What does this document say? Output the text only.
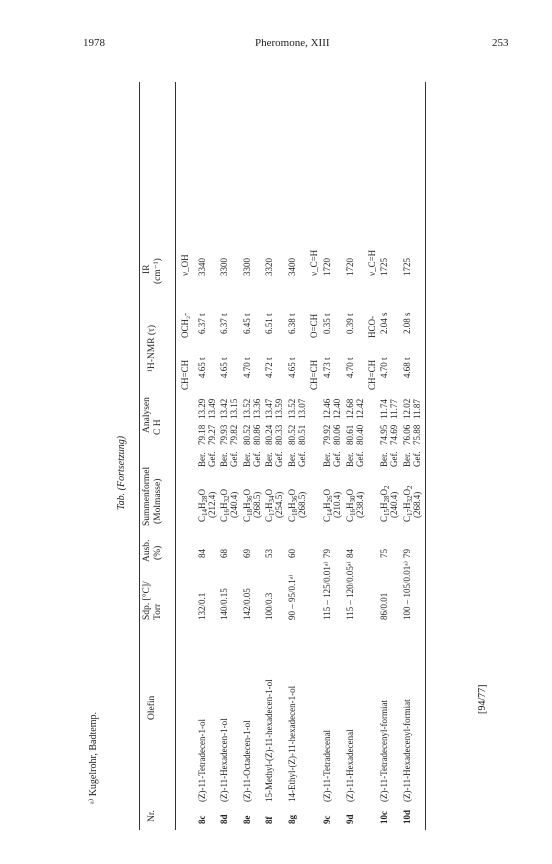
1978	Pheromone, XIII	253
Tab. (Fortsetzung)
Nr.
Olefin
Sdp. [°C]/ Torr
Ausb. (%)
Summenformel (Molmasse)
Analysen C H
¹H-NMR (τ)
IR (cm⁻¹)
CH=CH
OCH₂-
ν_OH
CH=CH
O=CH
ν_C=H
CH=CH
HCO-
ν_C=H
8c
(Z)-11-Tetradecen-1-ol
132/0.1
84
$C_{14}H_{28}O$ (212.4)
Ber. Gef.
79.18
13.29
79.27
13.49
4.65 t
6.37 t
3340
8d
(Z)-11-Hexadecen-1-ol
140/0.15
68
$C_{16}H_{32}O$ (240.4)
Ber. Gef.
79.93
13.42
79.82
13.15
4.65 t
6.37 t
3300
8e
(Z)-11-Octadecen-1-ol
142/0.05
69
$C_{18}H_{36}O$ (268.5)
Ber. Gef.
80.52
13.52
80.86
13.36
4.70 t
6.45 t
3300
8f
15-Methyl-(Z)-11-hexadecen-1-ol
100/0.3
53
$C_{17}H_{34}O$ (254.5)
Ber. Gef.
80.24
13.47
80.33
13.59
4.72 t
6.51 t
3320
8g
14-Ethyl-(Z)-11-hexadecen-1-ol
90 – 95/0.1ᵃ⁾
60
$C_{18}H_{36}O$ (268.5)
Ber. Gef.
80.52
13.52
80.51
13.07
4.65 t
6.38 t
3400
9c
(Z)-11-Tetradecenal
115 – 125/0.01ᵃ⁾
79
$C_{14}H_{26}O$ (210.4)
Ber. Gef.
79.92
12.46
80.06
12.40
4.73 t
0.35 t
1720
9d
(Z)-11-Hexadecenal
115 – 120/0.05ᵃ⁾
84
$C_{16}H_{30}O$ (238.4)
Ber. Gef.
80.61
12.68
80.40
12.42
4.70 t
0.39 t
1720
10c
(Z)-11-Tetradecenyl-formiat
86/0.01
75
$C_{15}H_{28}O_2$
(240.4)
Ber. Gef.
74.95
11.74
74.69
11.77
4.70 t
2.04 s
1725
10d
(Z)-11-Hexadecenyl-formiat
100 – 105/0.01ᵃ⁾
79
$C_{17}H_{32}O_2$
(268.4)
Ber. Gef.
76.06
12.02
75.88
11.87
4.68 t
2.08 s
1725
ᵃ⁾ Kugelrohr, Badtemp.
[94/77]
